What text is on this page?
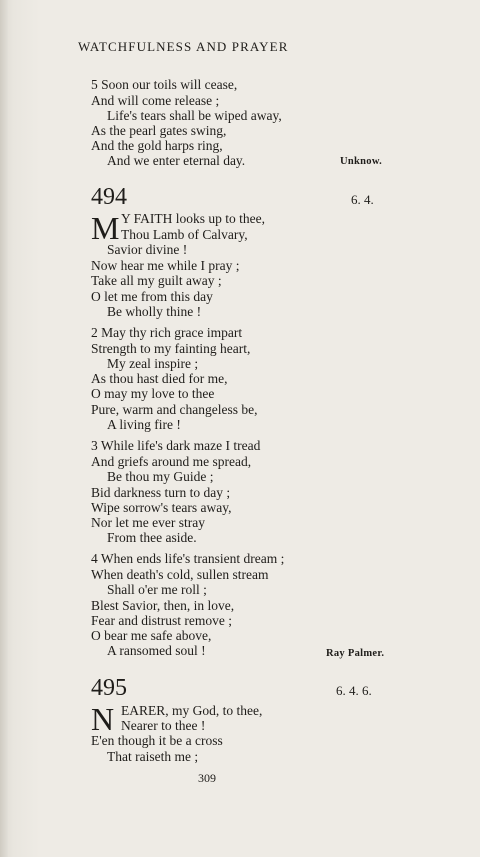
WATCHFULNESS AND PRAYER
5 Soon our toils will cease,
And will come release ;
Life's tears shall be wiped away,
As the pearl gates swing,
And the gold harps ring,
And we enter eternal day.	Unknow.​
494	6. 4.
M Y FAITH looks up to thee,
Thou Lamb of Calvary,
Savior divine !
Now hear me while I pray ;
Take all my guilt away ;
O let me from this day
Be wholly thine !
2 May thy rich grace impart
Strength to my fainting heart,
My zeal inspire ;
As thou hast died for me,
O may my love to thee
Pure, warm and changeless be,
A living fire !
3 While life's dark maze I tread
And griefs around me spread,
Be thou my Guide ;
Bid darkness turn to day ;
Wipe sorrow's tears away,
Nor let me ever stray
From thee aside.
4 When ends life's transient dream ;
When death's cold, sullen stream
Shall o'er me roll ;
Blest Savior, then, in love,
Fear and distrust remove ;
O bear me safe above,
A ransomed soul !	Ray Palmer.
495	6. 4. 6.
N EARER, my God, to thee,
Nearer to thee !
E'en though it be a cross
That raiseth me ;
309
